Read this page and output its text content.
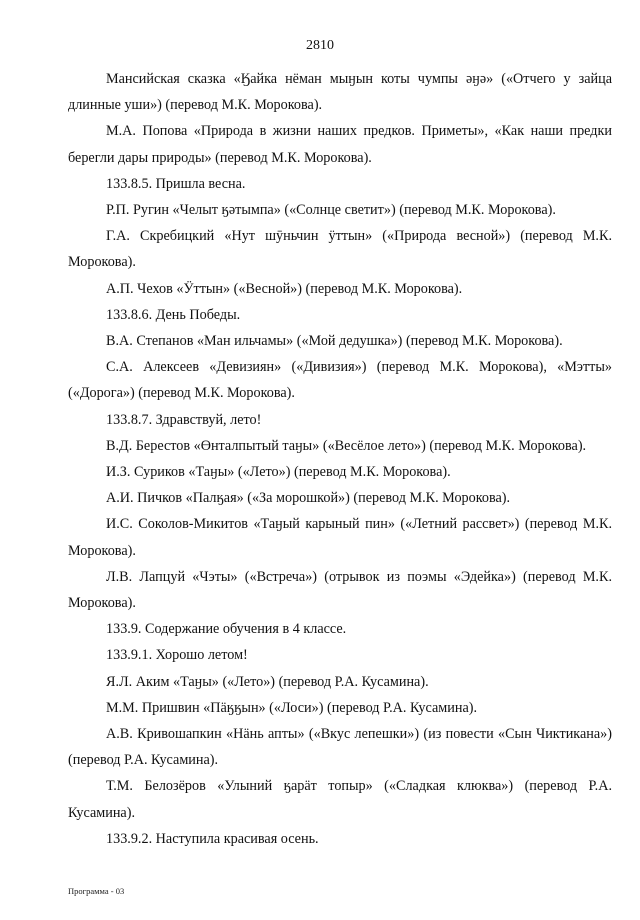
2810

Мансийская сказка «Ӄайка нёман мыӈын коты чумпы әӈә» («Отчего у зайца длинные уши») (перевод М.К. Морокова).

М.А. Попова «Природа в жизни наших предков. Приметы», «Как наши предки берегли дары природы» (перевод М.К. Морокова).

133.8.5. Пришла весна.

Р.П. Ругин «Челыт ӄәтымпа» («Солнце светит») (перевод М.К. Морокова).

Г.А. Скребицкий «Нут шӯньчин ӱттын» («Природа весной») (перевод М.К. Морокова).

А.П. Чехов «Ӱттын» («Весной») (перевод М.К. Морокова).

133.8.6. День Победы.

В.А. Степанов «Ман ильчамы» («Мой дедушка») (перевод М.К. Морокова).

С.А. Алексеев «Девизиян» («Дивизия») (перевод М.К. Морокова), «Мэтты» («Дорога») (перевод М.К. Морокова).

133.8.7. Здравствуй, лето!

В.Д. Берестов «Өнталпытый таӈы» («Весёлое лето») (перевод М.К. Морокова).

И.З. Суриков «Таӈы» («Лето») (перевод М.К. Морокова).

А.И. Пичков «Палӄая» («За морошкой») (перевод М.К. Морокова).

И.С. Соколов-Микитов «Таӈый карыный пин» («Летний рассвет») (перевод М.К. Морокова).

Л.В. Лапцуй «Чэты» («Встреча») (отрывок из поэмы «Эдейка») (перевод М.К. Морокова).

133.9. Содержание обучения в 4 классе.

133.9.1. Хорошо летом!

Я.Л. Аким «Таӈы» («Лето») (перевод Р.А. Кусамина).

М.М. Пришвин «Пӓӄӄын» («Лоси») (перевод Р.А. Кусамина).

А.В. Кривошапкин «Нӓнь апты» («Вкус лепешки») (из повести «Сын Чиктикана») (перевод Р.А. Кусамина).

Т.М. Белозёров «Улыний ӄарӓт топыр» («Сладкая клюква») (перевод Р.А. Кусамина).

133.9.2. Наступила красивая осень.

Программа - 03
